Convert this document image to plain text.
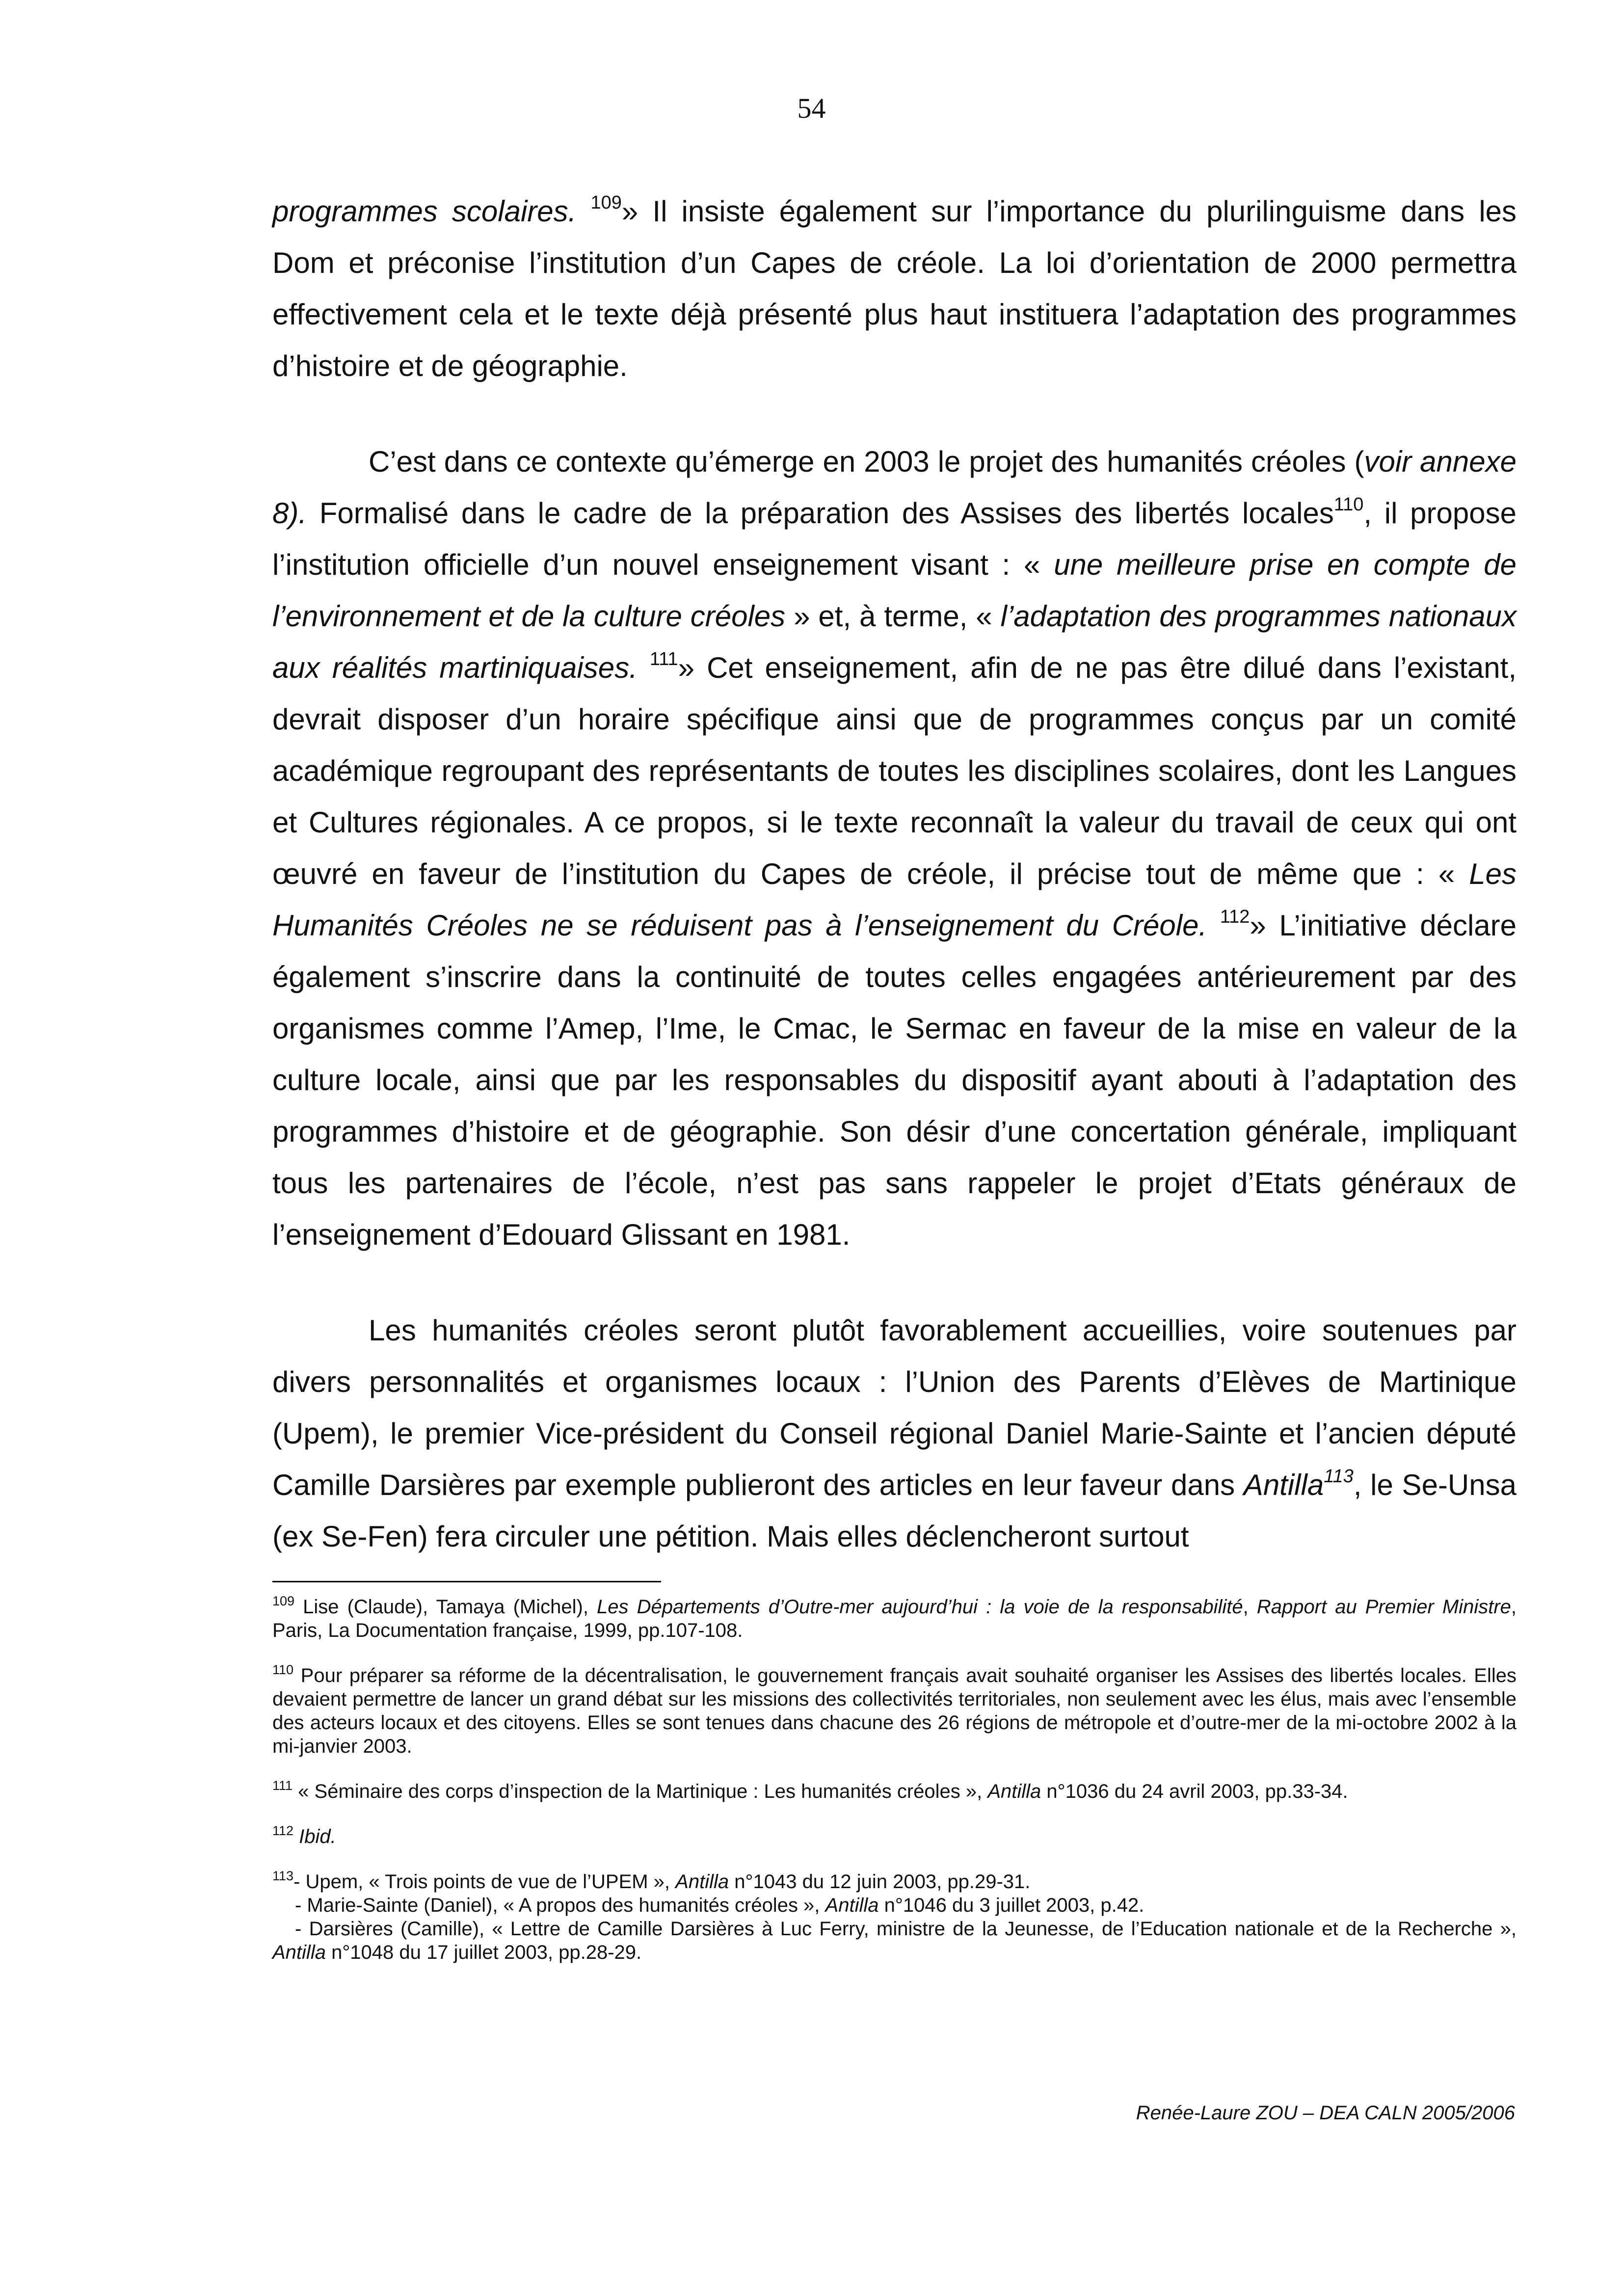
54

programmes scolaires. $^{109}$» Il insiste également sur l’importance du plurilinguisme dans les Dom et préconise l’institution d’un Capes de créole. La loi d’orientation de 2000 permettra effectivement cela et le texte déjà présenté plus haut instituera l’adaptation des programmes d’histoire et de géographie.

C’est dans ce contexte qu’émerge en 2003 le projet des humanités créoles (voir annexe 8). Formalisé dans le cadre de la préparation des Assises des libertés locales$^{110}$, il propose l’institution officielle d’un nouvel enseignement visant : « une meilleure prise en compte de l’environnement et de la culture créoles » et, à terme, « l’adaptation des programmes nationaux aux réalités martiniquaises. $^{111}$» Cet enseignement, afin de ne pas être dilué dans l’existant, devrait disposer d’un horaire spécifique ainsi que de programmes conçus par un comité académique regroupant des représentants de toutes les disciplines scolaires, dont les Langues et Cultures régionales. A ce propos, si le texte reconnaît la valeur du travail de ceux qui ont œuvré en faveur de l’institution du Capes de créole, il précise tout de même que : « Les Humanités Créoles ne se réduisent pas à l’enseignement du Créole. $^{112}$» L’initiative déclare également s’inscrire dans la continuité de toutes celles engagées antérieurement par des organismes comme l’Amep, l’Ime, le Cmac, le Sermac en faveur de la mise en valeur de la culture locale, ainsi que par les responsables du dispositif ayant abouti à l’adaptation des programmes d’histoire et de géographie. Son désir d’une concertation générale, impliquant tous les partenaires de l’école, n’est pas sans rappeler le projet d’Etats généraux de l’enseignement d’Edouard Glissant en 1981.

Les humanités créoles seront plutôt favorablement accueillies, voire soutenues par divers personnalités et organismes locaux : l’Union des Parents d’Elèves de Martinique (Upem), le premier Vice-président du Conseil régional Daniel Marie-Sainte et l’ancien député Camille Darsières par exemple publieront des articles en leur faveur dans Antilla$^{113}$, le Se-Unsa (ex Se-Fen) fera circuler une pétition. Mais elles déclencheront surtout

$^{109}$ Lise (Claude), Tamaya (Michel), Les Départements d’Outre-mer aujourd’hui : la voie de la responsabilité, Rapport au Premier Ministre, Paris, La Documentation française, 1999, pp.107-108.

$^{110}$ Pour préparer sa réforme de la décentralisation, le gouvernement français avait souhaité organiser les Assises des libertés locales. Elles devaient permettre de lancer un grand débat sur les missions des collectivités territoriales, non seulement avec les élus, mais avec l’ensemble des acteurs locaux et des citoyens. Elles se sont tenues dans chacune des 26 régions de métropole et d’outre-mer de la mi-octobre 2002 à la mi-janvier 2003.

$^{111}$ « Séminaire des corps d’inspection de la Martinique : Les humanités créoles », Antilla n°1036 du 24 avril 2003, pp.33-34.

$^{112}$ Ibid.

$^{113}$- Upem, « Trois points de vue de l’UPEM », Antilla n°1043 du 12 juin 2003, pp.29-31.
- Marie-Sainte (Daniel), « A propos des humanités créoles », Antilla n°1046 du 3 juillet 2003, p.42.
- Darsières (Camille), « Lettre de Camille Darsières à Luc Ferry, ministre de la Jeunesse, de l’Education nationale et de la Recherche », Antilla n°1048 du 17 juillet 2003, pp.28-29.

Renée-Laure ZOU – DEA CALN 2005/2006
